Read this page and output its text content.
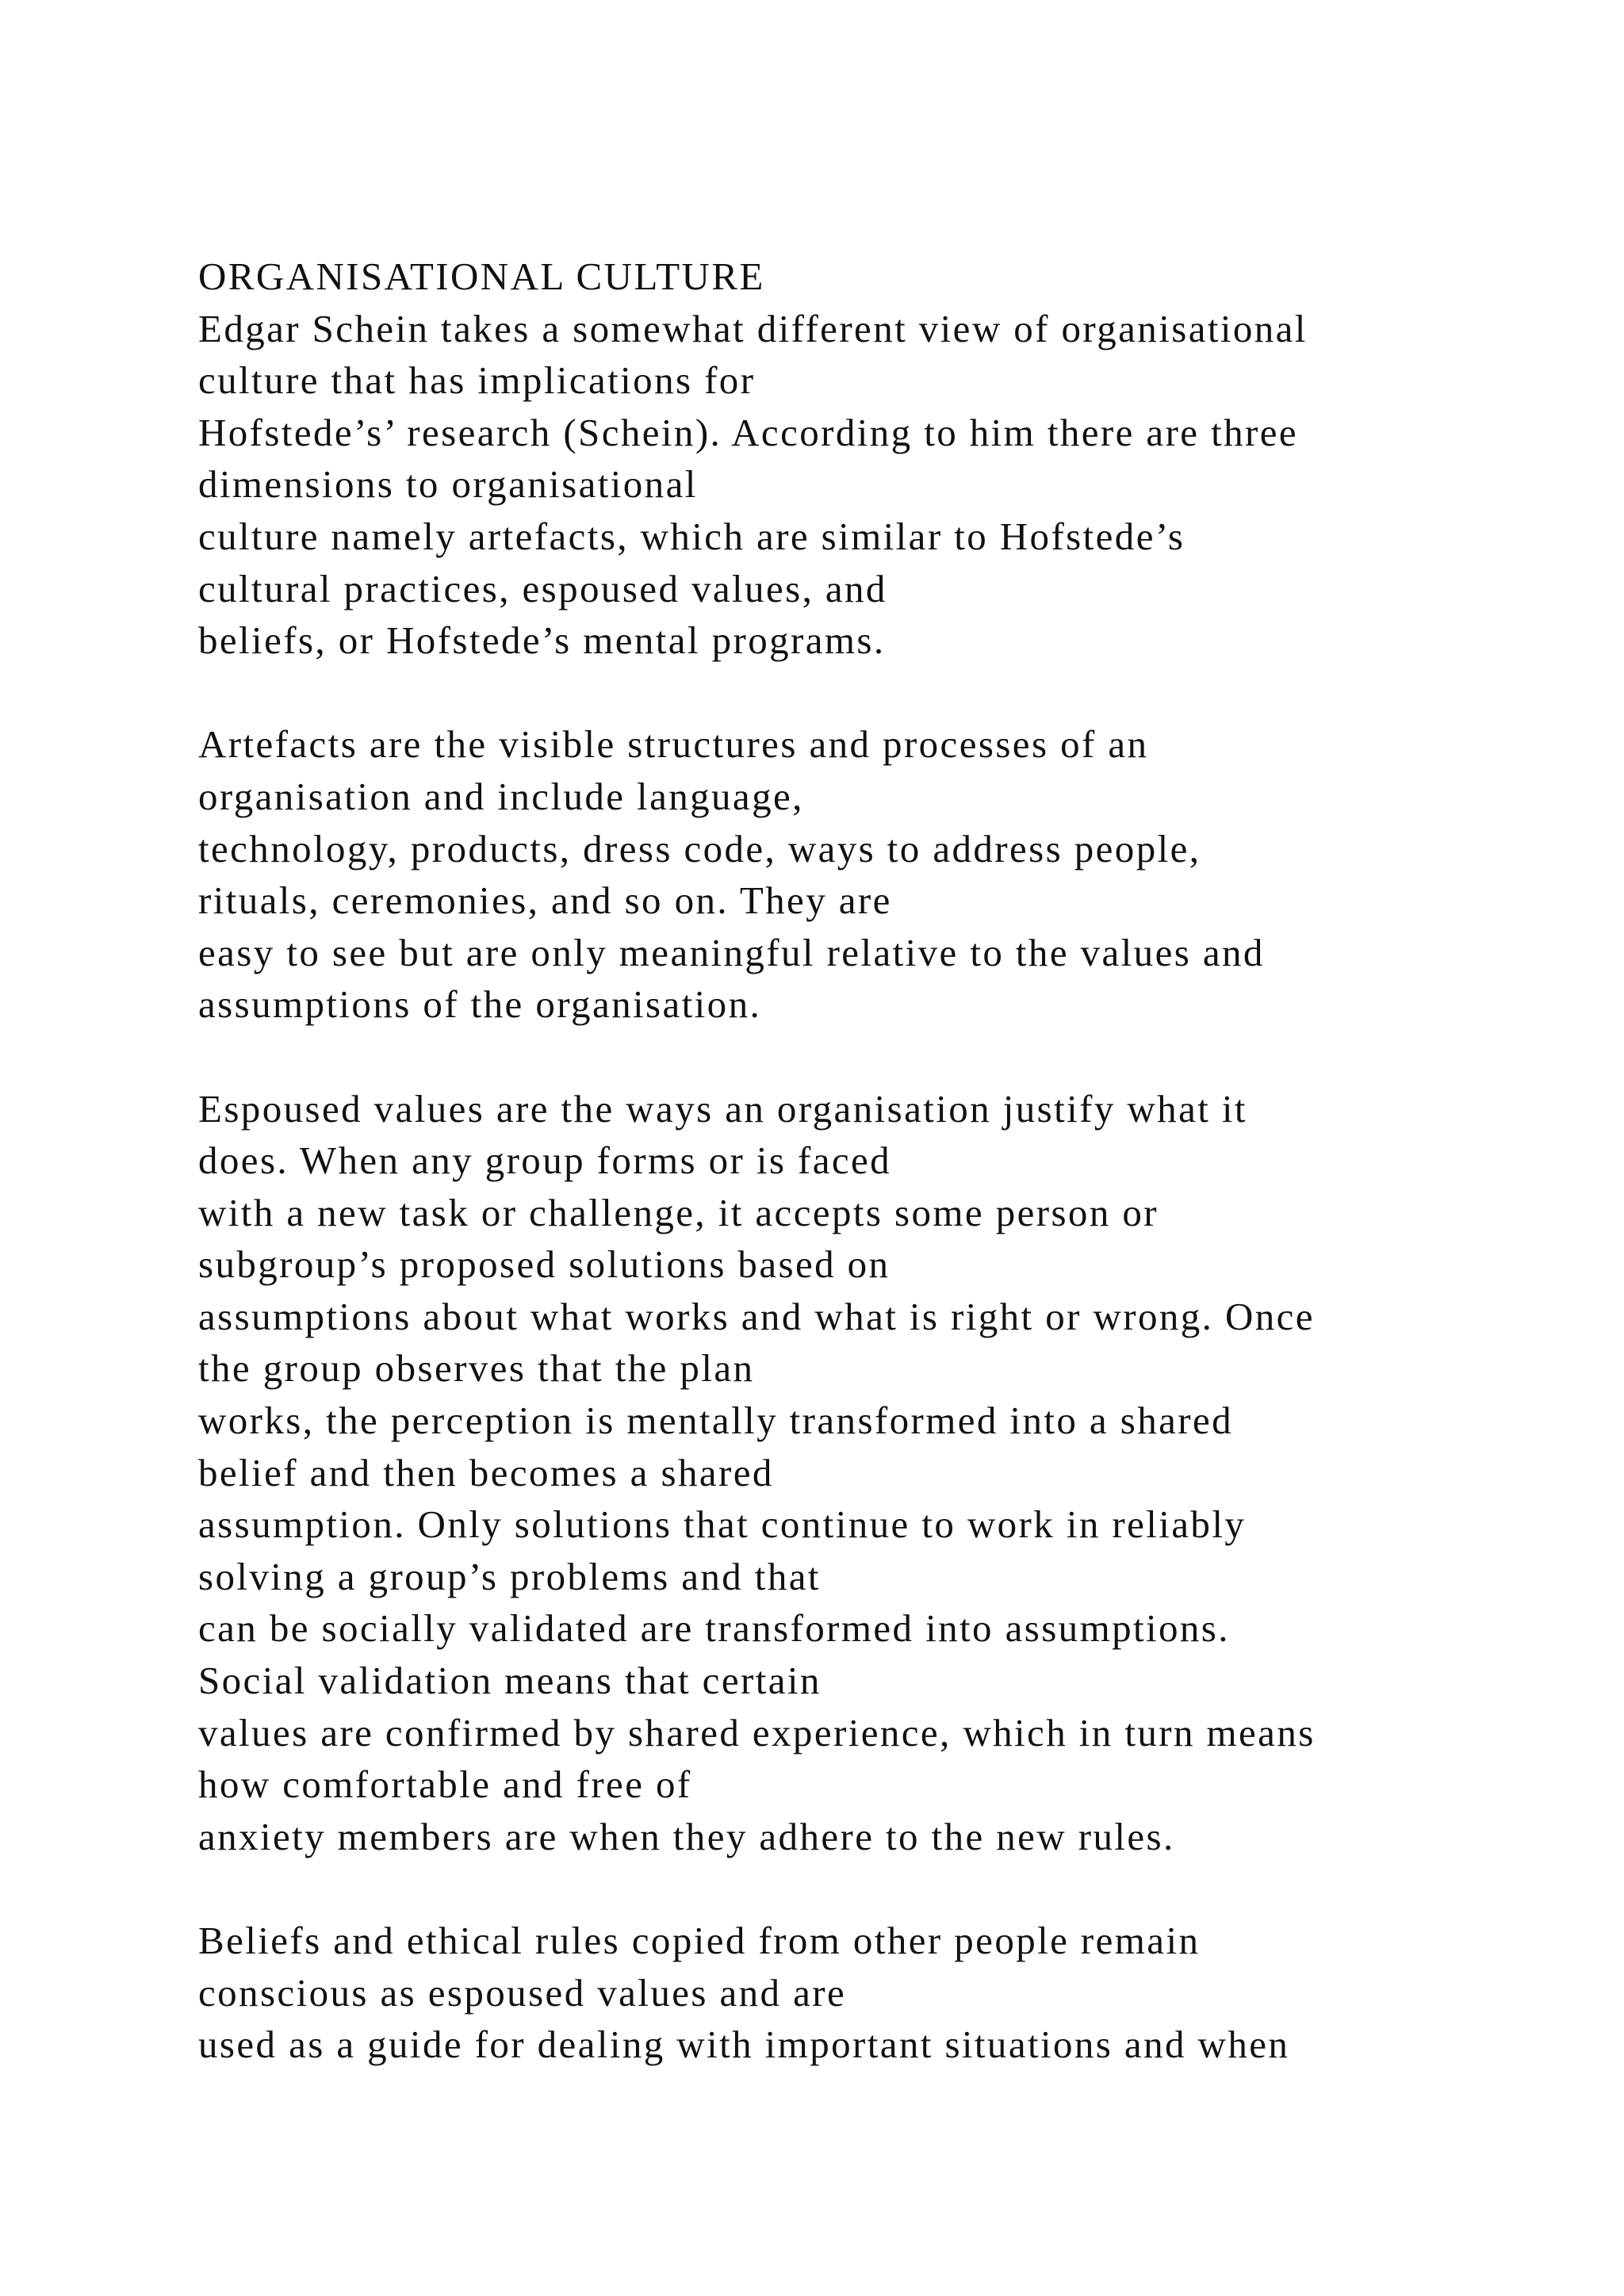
ORGANISATIONAL CULTURE
Edgar Schein takes a somewhat different view of organisational
culture that has implications for
Hofstede’s’ research (Schein). According to him there are three
dimensions to organisational
culture namely artefacts, which are similar to Hofstede’s
cultural practices, espoused values, and
beliefs, or Hofstede’s mental programs.
Artefacts are the visible structures and processes of an
organisation and include language,
technology, products, dress code, ways to address people,
rituals, ceremonies, and so on. They are
easy to see but are only meaningful relative to the values and
assumptions of the organisation.
Espoused values are the ways an organisation justify what it
does. When any group forms or is faced
with a new task or challenge, it accepts some person or
subgroup’s proposed solutions based on
assumptions about what works and what is right or wrong. Once
the group observes that the plan
works, the perception is mentally transformed into a shared
belief and then becomes a shared
assumption. Only solutions that continue to work in reliably
solving a group’s problems and that
can be socially validated are transformed into assumptions.
Social validation means that certain
values are confirmed by shared experience, which in turn means
how comfortable and free of
anxiety members are when they adhere to the new rules.
Beliefs and ethical rules copied from other people remain
conscious as espoused values and are
used as a guide for dealing with important situations and when
